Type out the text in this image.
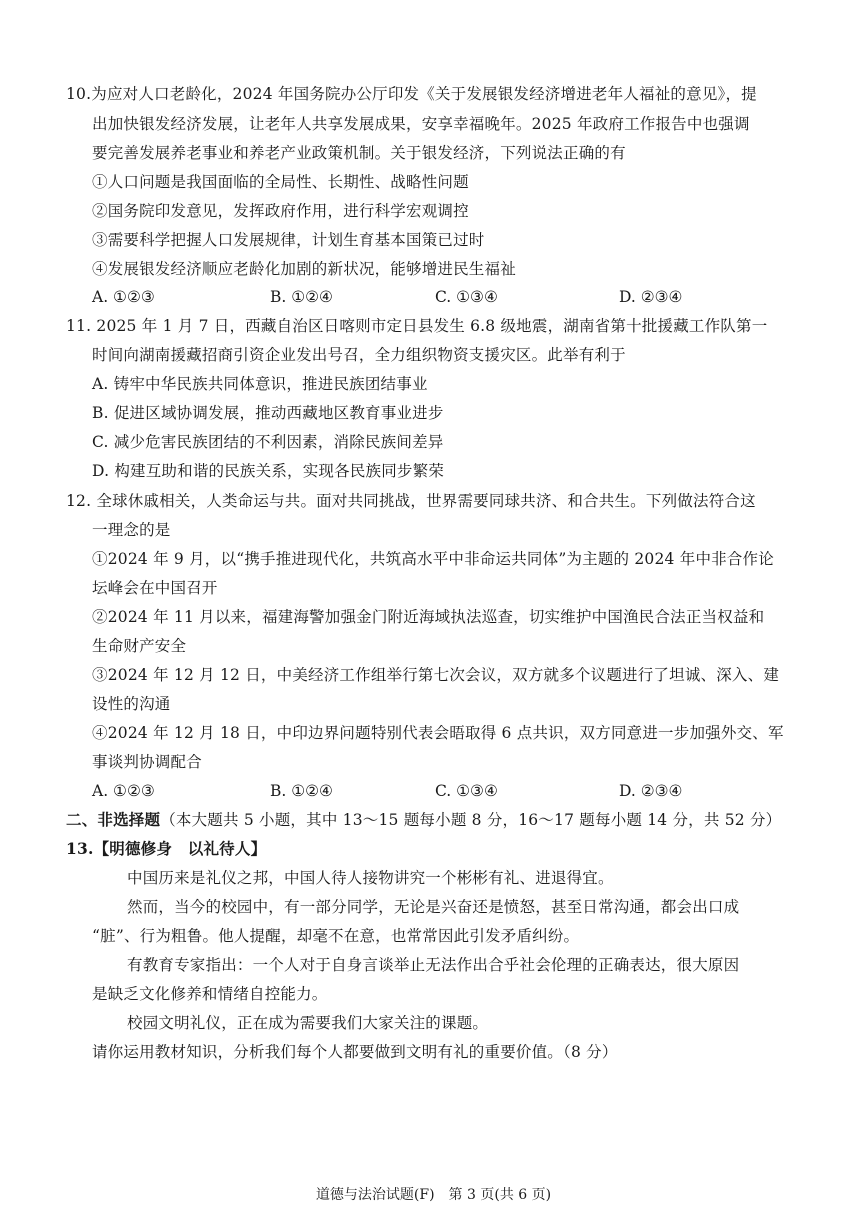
10.为应对人口老龄化，2024 年国务院办公厅印发《关于发展银发经济增进老年人福祉的意见》，提
出加快银发经济发展，让老年人共享发展成果，安享幸福晚年。2025 年政府工作报告中也强调
要完善发展养老事业和养老产业政策机制。关于银发经济，下列说法正确的有
①人口问题是我国面临的全局性、长期性、战略性问题
②国务院印发意见，发挥政府作用，进行科学宏观调控
③需要科学把握人口发展规律，计划生育基本国策已过时
④发展银发经济顺应老龄化加剧的新状况，能够增进民生福祉
A. ①②③	B. ①②④	C. ①③④	D. ②③④
11. 2025 年 1 月 7 日，西藏自治区日喀则市定日县发生 6.8 级地震，湖南省第十批援藏工作队第一
时间向湖南援藏招商引资企业发出号召，全力组织物资支援灾区。此举有利于
A. 铸牢中华民族共同体意识，推进民族团结事业
B. 促进区域协调发展，推动西藏地区教育事业进步
C. 减少危害民族团结的不利因素，消除民族间差异
D. 构建互助和谐的民族关系，实现各民族同步繁荣
12. 全球休戚相关，人类命运与共。面对共同挑战，世界需要同球共济、和合共生。下列做法符合这
一理念的是
①2024 年 9 月，以“携手推进现代化，共筑高水平中非命运共同体”为主题的 2024 年中非合作论
坛峰会在中国召开
②2024 年 11 月以来，福建海警加强金门附近海域执法巡查，切实维护中国渔民合法正当权益和
生命财产安全
③2024 年 12 月 12 日，中美经济工作组举行第七次会议，双方就多个议题进行了坦诚、深入、建
设性的沟通
④2024 年 12 月 18 日，中印边界问题特别代表会晤取得 6 点共识，双方同意进一步加强外交、军
事谈判协调配合
A. ①②③	B. ①②④	C. ①③④	D. ②③④
二、非选择题（本大题共 5 小题，其中 13～15 题每小题 8 分，16～17 题每小题 14 分，共 52 分）
13.【明德修身　以礼待人】
中国历来是礼仪之邦，中国人待人接物讲究一个彬彬有礼、进退得宜。
然而，当今的校园中，有一部分同学，无论是兴奋还是愤怒，甚至日常沟通，都会出口成
“脏”、行为粗鲁。他人提醒，却毫不在意，也常常因此引发矛盾纠纷。
有教育专家指出：一个人对于自身言谈举止无法作出合乎社会伦理的正确表达，很大原因
是缺乏文化修养和情绪自控能力。
校园文明礼仪，正在成为需要我们大家关注的课题。
请你运用教材知识，分析我们每个人都要做到文明有礼的重要价值。（8 分）
道德与法治试题(F)　第 3 页(共 6 页)
